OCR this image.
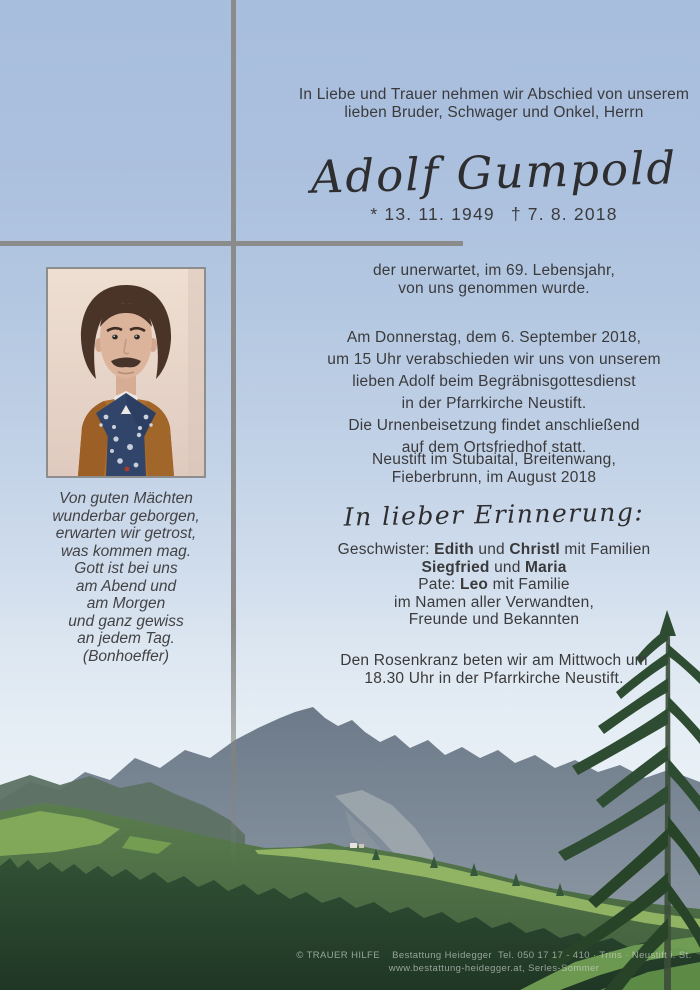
In Liebe und Trauer nehmen wir Abschied von unserem
lieben Bruder, Schwager und Onkel, Herrn
Adolf Gumpold
* 13. 11. 1949 † 7. 8. 2018
der unerwartet, im 69. Lebensjahr,
von uns genommen wurde.
Am Donnerstag, dem 6. September 2018,
um 15 Uhr verabschieden wir uns von unserem
lieben Adolf beim Begräbnisgottesdienst
in der Pfarrkirche Neustift.
Die Urnenbeisetzung findet anschließend
auf dem Ortsfriedhof statt.
Neustift im Stubaital, Breitenwang,
Fieberbrunn, im August 2018
In lieber Erinnerung:
Geschwister: Edith und Christl mit Familien
Siegfried und Maria
Pate: Leo mit Familie
im Namen aller Verwandten,
Freunde und Bekannten
Den Rosenkranz beten wir am Mittwoch um
18.30 Uhr in der Pfarrkirche Neustift.
Von guten Mächten
wunderbar geborgen,
erwarten wir getrost,
was kommen mag.
Gott ist bei uns
am Abend und
am Morgen
und ganz gewiss
an jedem Tag.
(Bonhoeffer)
© TRAUER HILFE    Bestattung Heidegger  Tel. 050 17 17 - 410 · Trins · Neustift i. St.
www.bestattung-heidegger.at, Serles-Sommer
